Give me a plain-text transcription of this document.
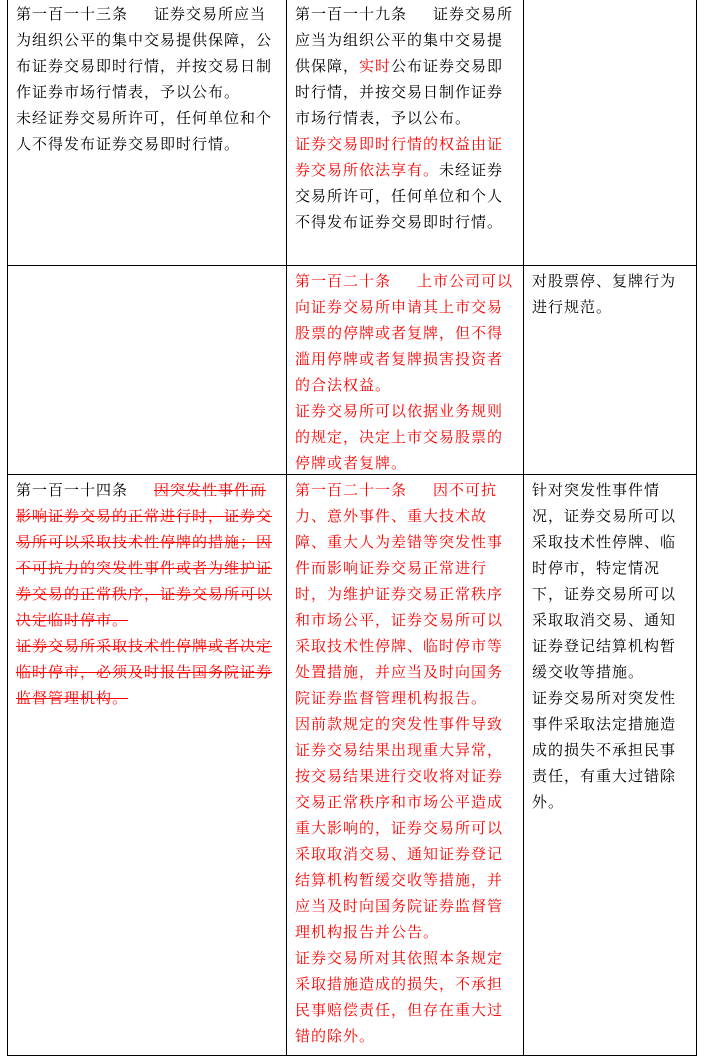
第一百一十三条 证券交易所应当为组织公平的集中交易提供保障，公布证券交易即时行情，并按交易日制作证券市场行情表，予以公布。

未经证券交易所许可，任何单位和个人不得发布证券交易即时行情。

第一百一十九条 证券交易所应当为组织公平的集中交易提供保障，实时公布证券交易即时行情，并按交易日制作证券市场行情表，予以公布。

证券交易即时行情的权益由证券交易所依法享有。未经证券交易所许可，任何单位和个人不得发布证券交易即时行情。

第一百二十条 上市公司可以向证券交易所申请其上市交易股票的停牌或者复牌，但不得滥用停牌或者复牌损害投资者的合法权益。

证券交易所可以依据业务规则的规定，决定上市交易股票的停牌或者复牌。

对股票停、复牌行为进行规范。

第一百一十四条 因突发性事件而影响证券交易的正常进行时，证券交易所可以采取技术性停牌的措施；因不可抗力的突发性事件或者为维护证券交易的正常秩序，证券交易所可以决定临时停市。

证券交易所采取技术性停牌或者决定临时停市，必须及时报告国务院证券监督管理机构。

第一百二十一条 因不可抗力、意外事件、重大技术故障、重大人为差错等突发性事件而影响证券交易正常进行时，为维护证券交易正常秩序和市场公平，证券交易所可以采取技术性停牌、临时停市等处置措施，并应当及时向国务院证券监督管理机构报告。

因前款规定的突发性事件导致证券交易结果出现重大异常，按交易结果进行交收将对证券交易正常秩序和市场公平造成重大影响的，证券交易所可以采取取消交易、通知证券登记结算机构暂缓交收等措施，并应当及时向国务院证券监督管理机构报告并公告。

证券交易所对其依照本条规定采取措施造成的损失，不承担民事赔偿责任，但存在重大过错的除外。

针对突发性事件情况，证券交易所可以采取技术性停牌、临时停市，特定情况下，证券交易所可以采取取消交易、通知证券登记结算机构暂缓交收等措施。

证券交易所对突发性事件采取法定措施造成的损失不承担民事责任，有重大过错除外。
